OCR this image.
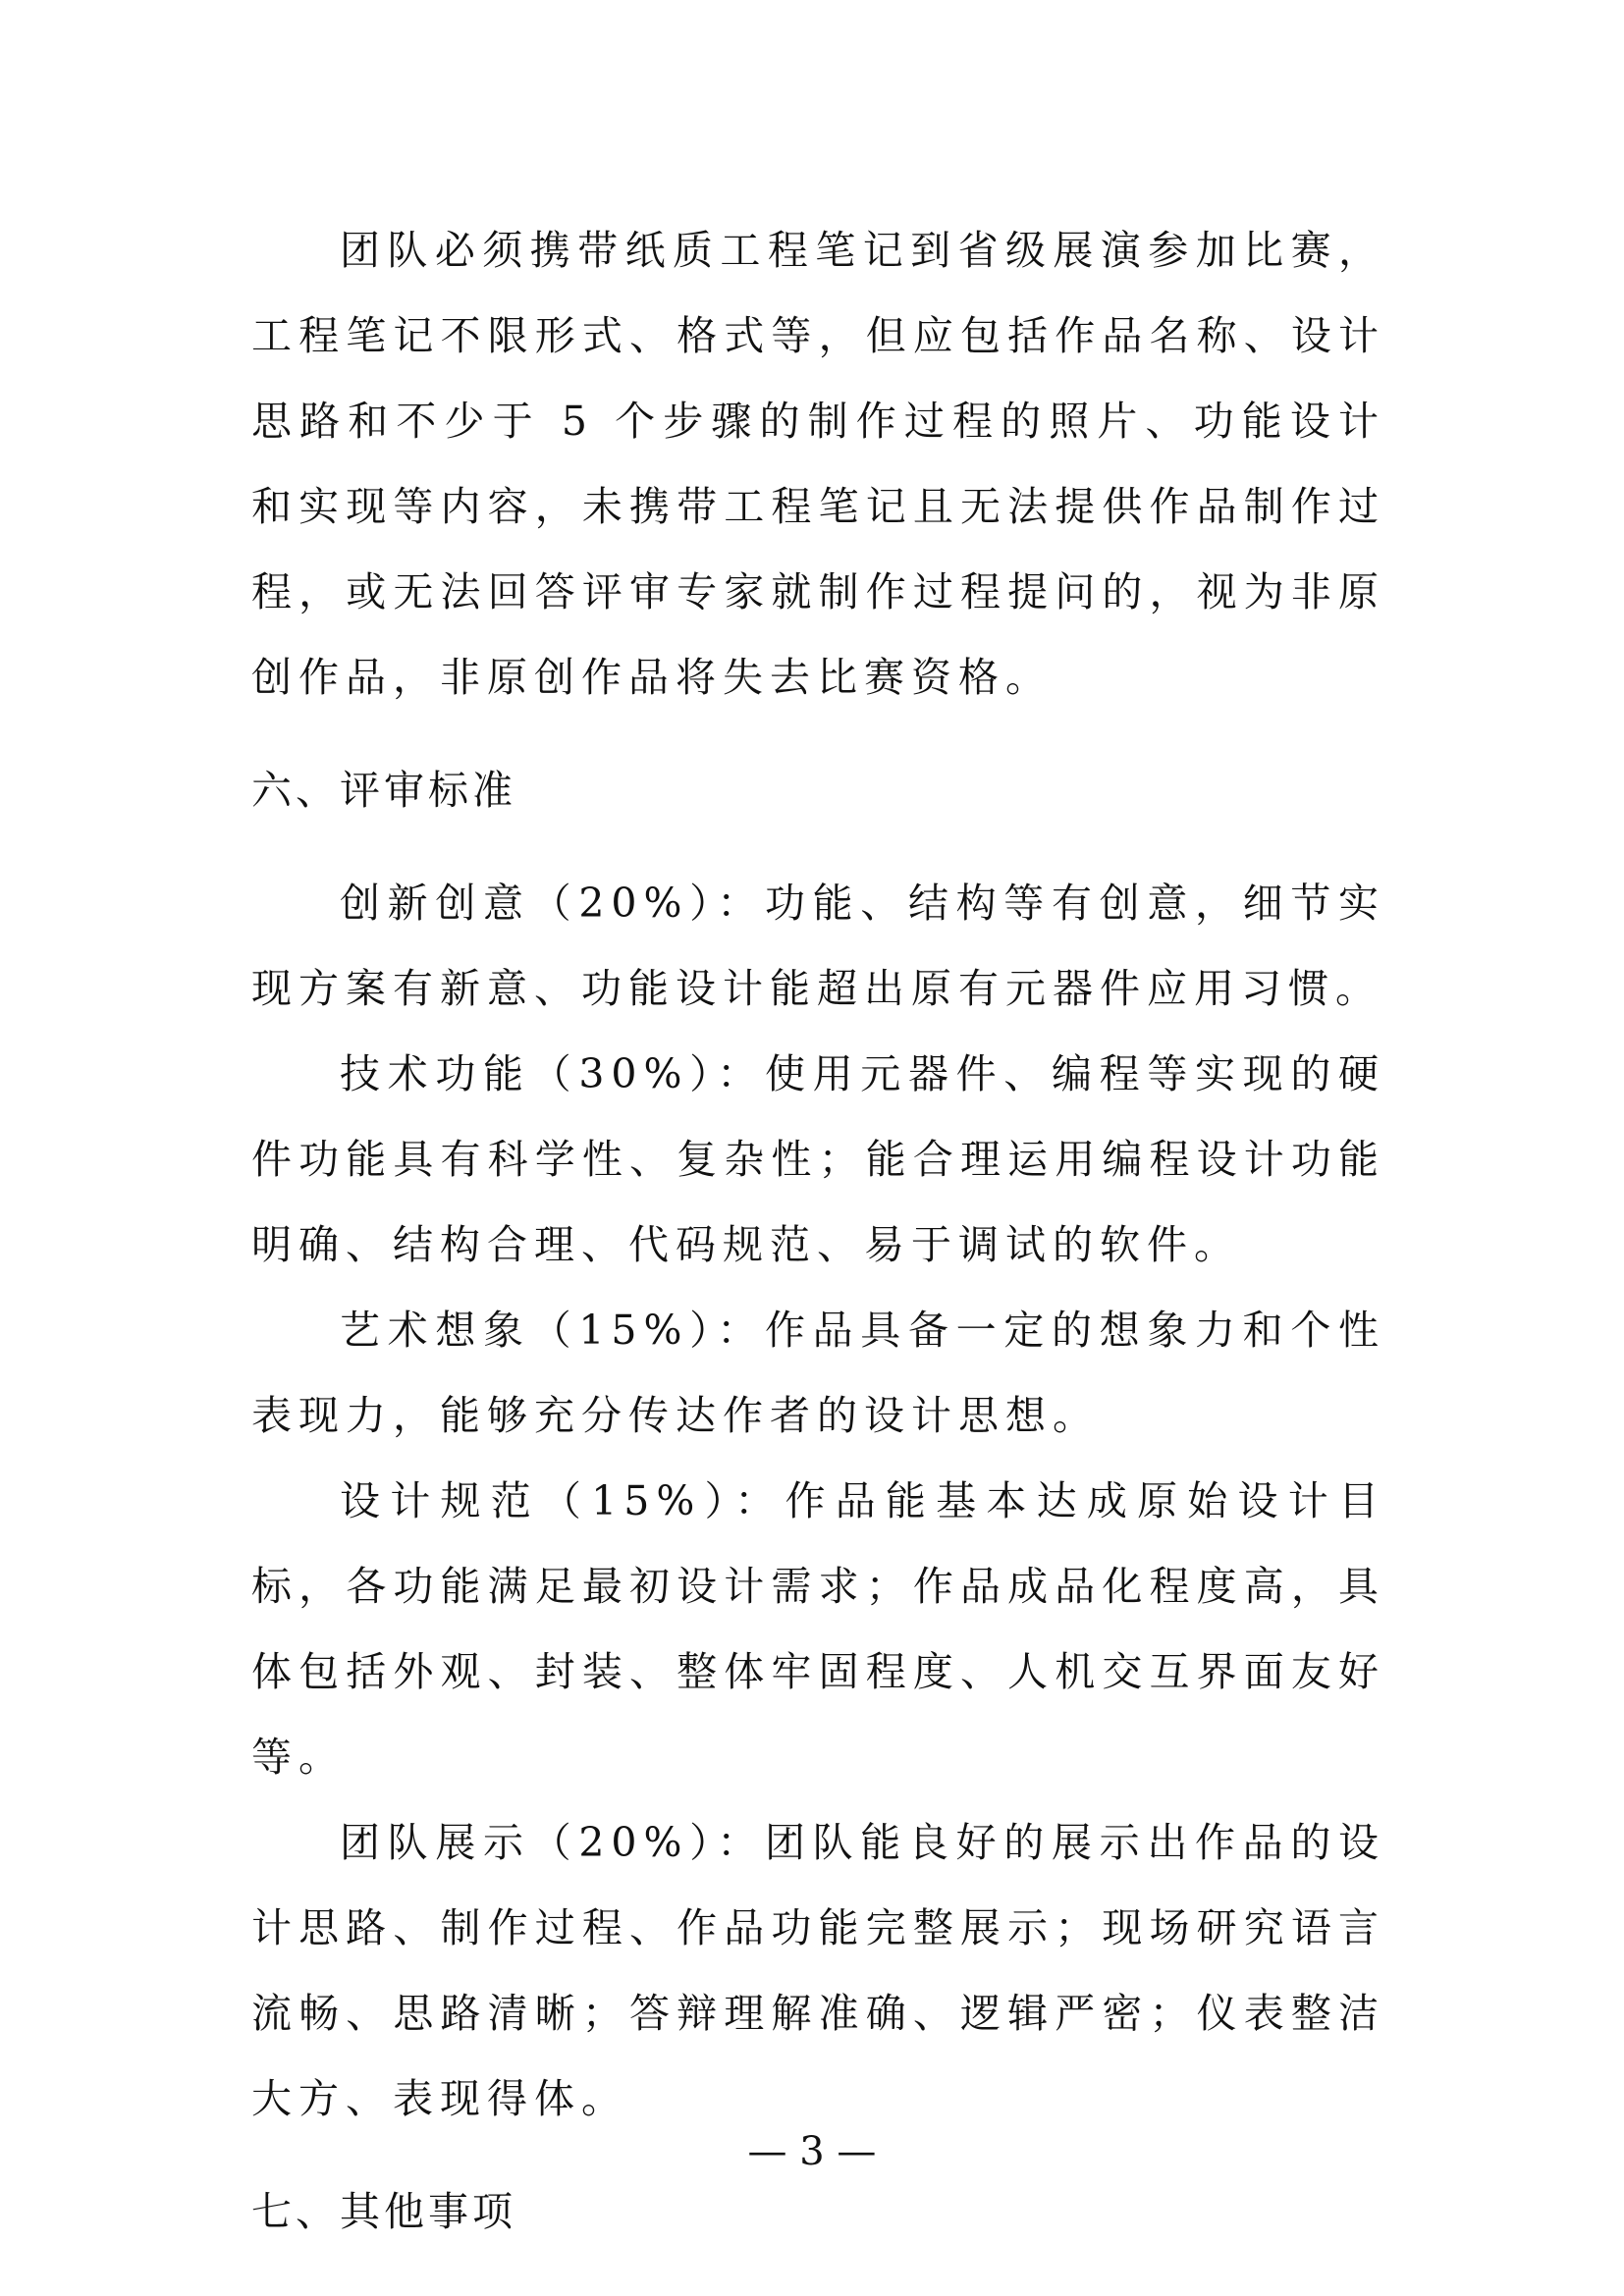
团队必须携带纸质工程笔记到省级展演参加比赛，工程笔记不限形式、格式等，但应包括作品名称、设计思路和不少于 5 个步骤的制作过程的照片、功能设计和实现等内容，未携带工程笔记且无法提供作品制作过程，或无法回答评审专家就制作过程提问的，视为非原创作品，非原创作品将失去比赛资格。

六、评审标准

创新创意（20%）：功能、结构等有创意，细节实现方案有新意、功能设计能超出原有元器件应用习惯。

技术功能（30%）：使用元器件、编程等实现的硬件功能具有科学性、复杂性；能合理运用编程设计功能明确、结构合理、代码规范、易于调试的软件。

艺术想象（15%）：作品具备一定的想象力和个性表现力，能够充分传达作者的设计思想。

设计规范（15%）：作品能基本达成原始设计目标，各功能满足最初设计需求；作品成品化程度高，具体包括外观、封装、整体牢固程度、人机交互界面友好等。

团队展示（20%）：团队能良好的展示出作品的设计思路、制作过程、作品功能完整展示；现场研究语言流畅、思路清晰；答辩理解准确、逻辑严密；仪表整洁大方、表现得体。

七、其他事项
— 3 —
